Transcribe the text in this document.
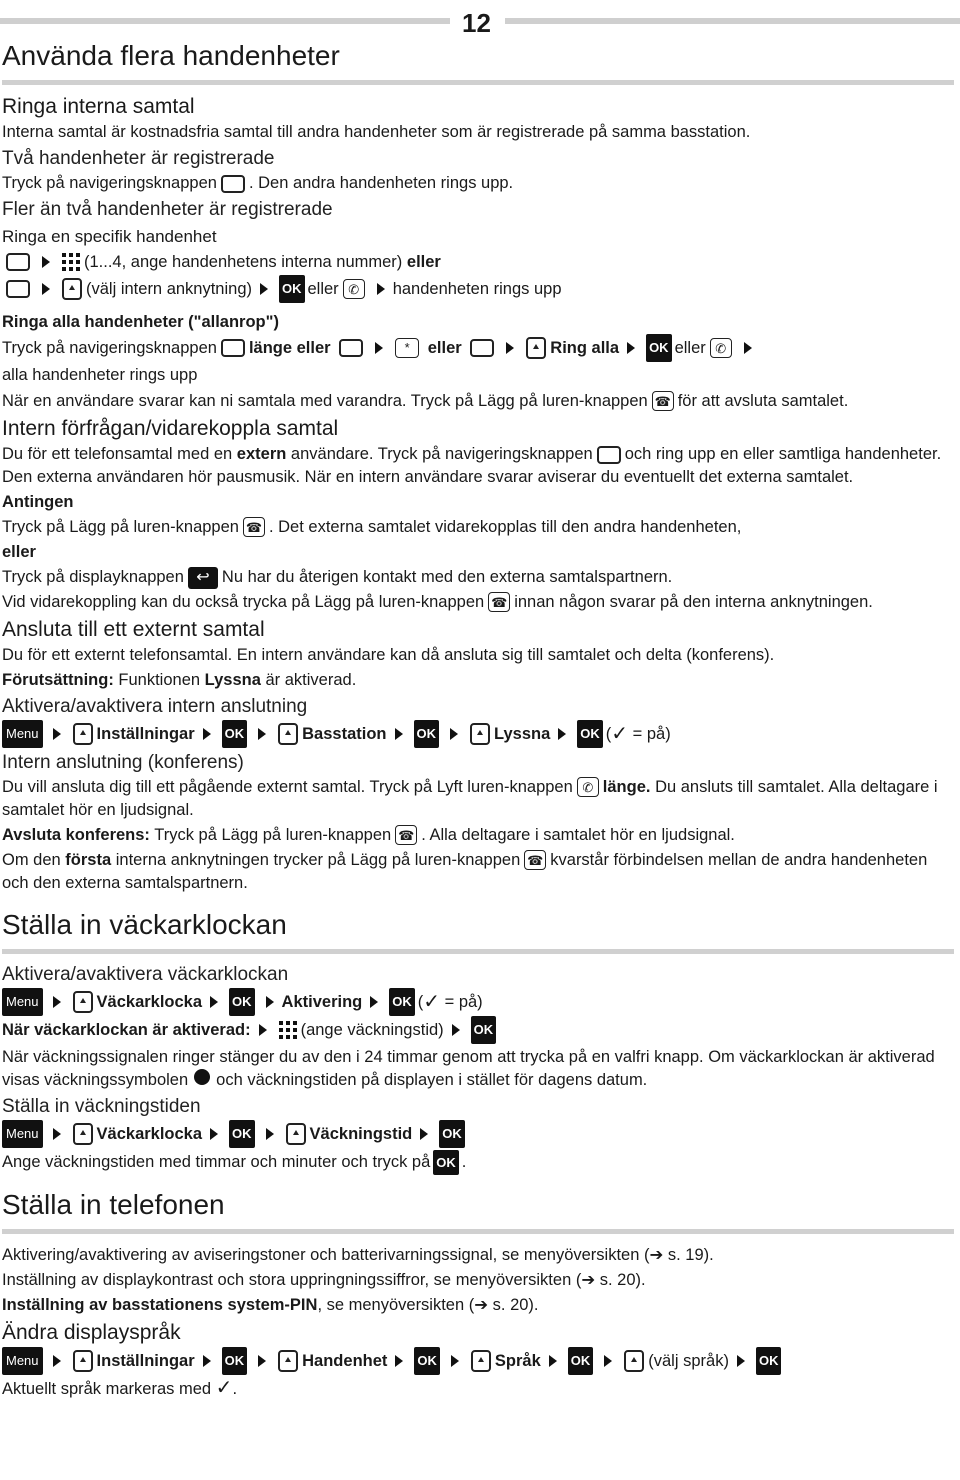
12
Använda flera handenheter
Ringa interna samtal

Interna samtal är kostnadsfria samtal till andra handenheter som är registrerade på samma basstation.

Två handenheter är registrerade

Tryck på navigeringsknappen . Den andra handenheten rings upp.

Fler än två handenheter är registrerade
Ringa en specifik handenhet
(1...4, ange handenhetens interna nummer)
eller
(välj intern anknytning) OK eller ✆	handenheten rings upp
Ringa alla handenheter ("allanrop")
Tryck på navigeringsknappen länge eller
	*
	eller
	Ring alla OK eller ✆
alla handenheter rings upp

När en användare svarar kan ni samtala med varandra. Tryck på Lägg på luren-knappen ☎ för att avsluta samtalet.

Intern förfrågan/vidarekoppla samtal

Du för ett telefonsamtal med en extern användare. Tryck på navigeringsknappen och ring upp en eller samtliga handenheter. Den externa användaren hör pausmusik. När en intern användare svarar aviserar du eventuellt det externa samtalet.

Antingen

Tryck på Lägg på luren-knappen ☎ . Det externa samtalet vidarekopplas till den andra handenheten,

eller

Tryck på displayknappen ↩ Nu har du återigen kontakt med den externa samtalspartnern.

Vid vidarekoppling kan du också trycka på Lägg på luren-knappen ☎ innan någon svarar på den interna anknytningen.

Ansluta till ett externt samtal

Du för ett externt telefonsamtal. En intern användare kan då ansluta sig till samtalet och delta (konferens).

Förutsättning: Funktionen Lyssna är aktiverad.

Aktivera/avaktivera intern anslutning
Menu	Inställningar OK	Basstation OK	Lyssna OK ( ✓
= på)
Intern anslutning (konferens)

Du vill ansluta dig till ett pågående externt samtal. Tryck på Lyft luren-knappen ✆ länge. Du ansluts till samtalet. Alla deltagare i samtalet hör en ljudsignal.

Avsluta konferens: Tryck på Lägg på luren-knappen ☎ . Alla deltagare i samtalet hör en ljudsignal.

Om den första interna anknytningen trycker på Lägg på luren-knappen ☎ kvarstår förbindelsen mellan de andra handenheten och den externa samtalspartnern.

Ställa in väckarklockan
Aktivera/avaktivera väckarklockan
Menu	Väckarklocka OK Aktivering OK ( ✓
= på)
När väckarklockan är aktiverad:	(ange väckningstid) OK

När väckningssignalen ringer stänger du av den i 24 timmar genom att trycka på en valfri knapp. Om väckarklockan är aktiverad visas väckningssymbolen och väckningstiden på displayen i stället för dagens datum.

Ställa in väckningstiden
Menu	Väckarklocka OK	Väckningstid OK

Ange väckningstiden med timmar och minuter och tryck på OK .

Ställa in telefonen

Aktivering/avaktivering av aviseringstoner och batterivarningssignal, se menyöversikten (➔ s. 19).

Inställning av displaykontrast och stora uppringningssiffror, se menyöversikten (➔ s. 20).

Inställning av basstationens system-PIN, se menyöversikten (➔ s. 20).

Ändra displayspråk
Menu	Inställningar OK	Handenhet OK	Språk OK	(välj språk) OK

Aktuellt språk markeras med ✓.
